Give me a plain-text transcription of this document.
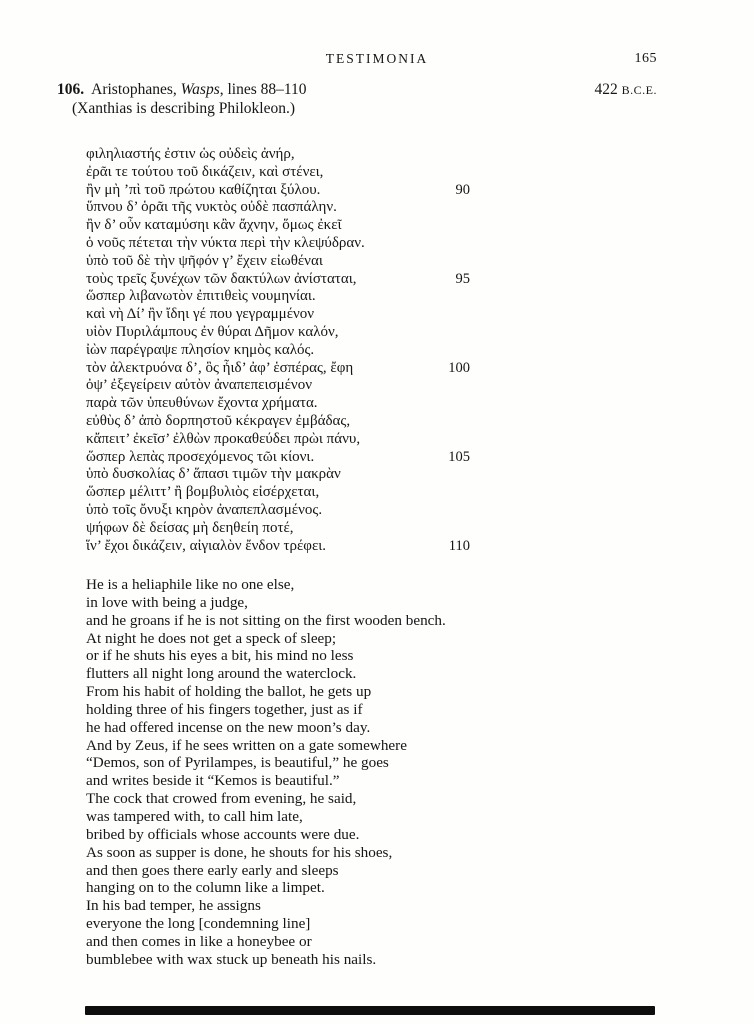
TESTIMONIA	165
106. Aristophanes, Wasps, lines 88–110	422 B.C.E.
(Xanthias is describing Philokleon.)
φιληλιαστής ἐστιν ὡς οὐδεὶς ἀνήρ,
ἐρᾶι τε τούτου τοῦ δικάζειν, καὶ στένει,
ἢν μὴ ’πὶ τοῦ πρώτου καθίζηται ξύλου.	90
ὕπνου δ’ ὁρᾶι τῆς νυκτὸς οὐδὲ πασπάλην.
ἢν δ’ οὖν καταμύσηι κἂν ἄχνην, ὅμως ἐκεῖ
ὁ νοῦς πέτεται τὴν νύκτα περὶ τὴν κλεψύδραν.
ὑπὸ τοῦ δὲ τὴν ψῆφόν γ’ ἔχειν εἰωθέναι
τοὺς τρεῖς ξυνέχων τῶν δακτύλων ἀνίσταται,	95
ὥσπερ λιβανωτὸν ἐπιτιθεὶς νουμηνίαι.
καὶ νὴ Δί’ ἢν ἴδηι γέ που γεγραμμένον
υἱὸν Πυριλάμπους ἐν θύραι Δῆμον καλόν,
ἰὼν παρέγραψε πλησίον κημὸς καλός.
τὸν ἀλεκτρυόνα δ’, ὃς ἦιδ’ ἀφ’ ἑσπέρας, ἔφη	100
ὀψ’ ἐξεγείρειν αὐτὸν ἀναπεπεισμένον
παρὰ τῶν ὑπευθύνων ἔχοντα χρήματα.
εὐθὺς δ’ ἀπὸ δορπηστοῦ κέκραγεν ἐμβάδας,
κἄπειτ’ ἐκεῖσ’ ἐλθὼν προκαθεύδει πρὼι πάνυ,
ὥσπερ λεπὰς προσεχόμενος τῶι κίονι.	105
ὑπὸ δυσκολίας δ’ ἅπασι τιμῶν τὴν μακρὰν
ὥσπερ μέλιττ’ ἢ βομβυλιὸς εἰσέρχεται,
ὑπὸ τοῖς ὄνυξι κηρὸν ἀναπεπλασμένος.
ψήφων δὲ δείσας μὴ δεηθείη ποτέ,
ἵν’ ἔχοι δικάζειν, αἰγιαλὸν ἔνδον τρέφει.	110
He is a heliaphile like no one else,
in love with being a judge,
and he groans if he is not sitting on the first wooden bench.
At night he does not get a speck of sleep;
or if he shuts his eyes a bit, his mind no less
flutters all night long around the waterclock.
From his habit of holding the ballot, he gets up
holding three of his fingers together, just as if
he had offered incense on the new moon’s day.
And by Zeus, if he sees written on a gate somewhere
“Demos, son of Pyrilampes, is beautiful,” he goes
and writes beside it “Kemos is beautiful.”
The cock that crowed from evening, he said,
was tampered with, to call him late,
bribed by officials whose accounts were due.
As soon as supper is done, he shouts for his shoes,
and then goes there early early and sleeps
hanging on to the column like a limpet.
In his bad temper, he assigns
everyone the long [condemning line]
and then comes in like a honeybee or
bumblebee with wax stuck up beneath his nails.
